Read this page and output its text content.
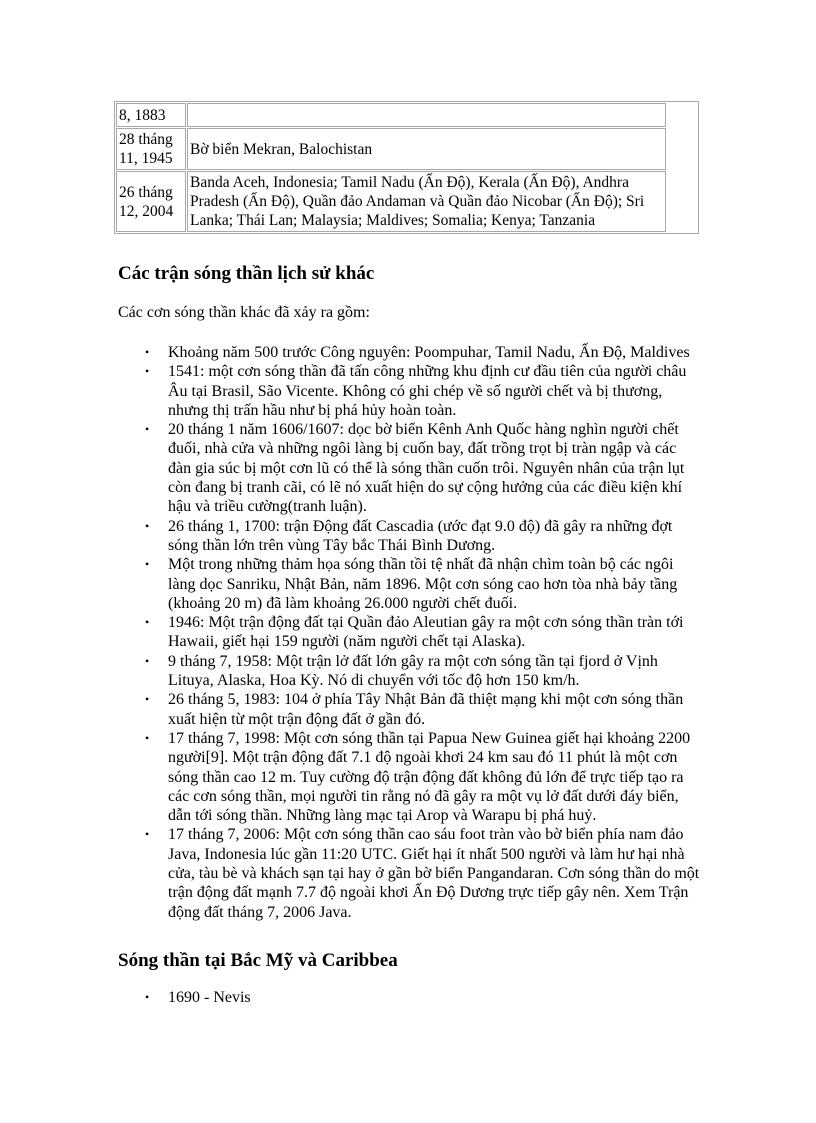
8, 1883		
28 tháng 11, 1945	Bờ biển Mekran, Balochistan	
26 tháng 12, 2004	Banda Aceh, Indonesia; Tamil Nadu (Ấn Độ), Kerala (Ấn Độ), Andhra Pradesh (Ấn Độ), Quần đảo Andaman và Quần đảo Nicobar (Ấn Độ); Sri Lanka; Thái Lan; Malaysia; Maldives; Somalia; Kenya; Tanzania	
Các trận sóng thần lịch sử khác

Các cơn sóng thần khác đã xảy ra gồm:

• Khoảng năm 500 trước Công nguyên: Poompuhar, Tamil Nadu, Ấn Độ, Maldives
• 1541: một cơn sóng thần đã tấn công những khu định cư đầu tiên của người châu Âu tại Brasil, São Vicente. Không có ghi chép về số người chết và bị thương, nhưng thị trấn hầu như bị phá hủy hoàn toàn.
• 20 tháng 1 năm 1606/1607: dọc bờ biển Kênh Anh Quốc hàng nghìn người chết đuối, nhà cửa và những ngôi làng bị cuốn bay, đất trồng trọt bị tràn ngập và các đàn gia súc bị một cơn lũ có thể là sóng thần cuốn trôi. Nguyên nhân của trận lụt còn đang bị tranh cãi, có lẽ nó xuất hiện do sự cộng hưởng của các điều kiện khí hậu và triều cường(tranh luận).
• 26 tháng 1, 1700: trận Động đất Cascadia (ước đạt 9.0 độ) đã gây ra những đợt sóng thần lớn trên vùng Tây bắc Thái Bình Dương.
• Một trong những thảm họa sóng thần tồi tệ nhất đã nhận chìm toàn bộ các ngôi làng dọc Sanriku, Nhật Bản, năm 1896. Một cơn sóng cao hơn tòa nhà bảy tầng (khoảng 20 m) đã làm khoảng 26.000 người chết đuối.
• 1946: Một trận động đất tại Quần đảo Aleutian gây ra một cơn sóng thần tràn tới Hawaii, giết hại 159 người (năm người chết tại Alaska).
• 9 tháng 7, 1958: Một trận lở đất lớn gây ra một cơn sóng tần tại fjord ở Vịnh Lituya, Alaska, Hoa Kỳ. Nó di chuyển với tốc độ hơn 150 km/h.
• 26 tháng 5, 1983: 104 ở phía Tây Nhật Bản đã thiệt mạng khi một cơn sóng thần xuất hiện từ một trận động đất ở gần đó.
• 17 tháng 7, 1998: Một cơn sóng thần tại Papua New Guinea giết hại khoảng 2200 người[9]. Một trận động đất 7.1 độ ngoài khơi 24 km sau đó 11 phút là một cơn sóng thần cao 12 m. Tuy cường độ trận động đất không đủ lớn để trực tiếp tạo ra các cơn sóng thần, mọi người tin rằng nó đã gây ra một vụ lở đất dưới đáy biển, dẫn tới sóng thần. Những làng mạc tại Arop và Warapu bị phá huỷ.
• 17 tháng 7, 2006: Một cơn sóng thần cao sáu foot tràn vào bờ biển phía nam đảo Java, Indonesia lúc gần 11:20 UTC. Giết hại ít nhất 500 người và làm hư hại nhà cửa, tàu bè và khách sạn tại hay ở gần bờ biển Pangandaran. Cơn sóng thần do một trận động đất mạnh 7.7 độ ngoài khơi Ấn Độ Dương trực tiếp gây nên. Xem Trận động đất tháng 7, 2006 Java.
Sóng thần tại Bắc Mỹ và Caribbea
• 1690 - Nevis
